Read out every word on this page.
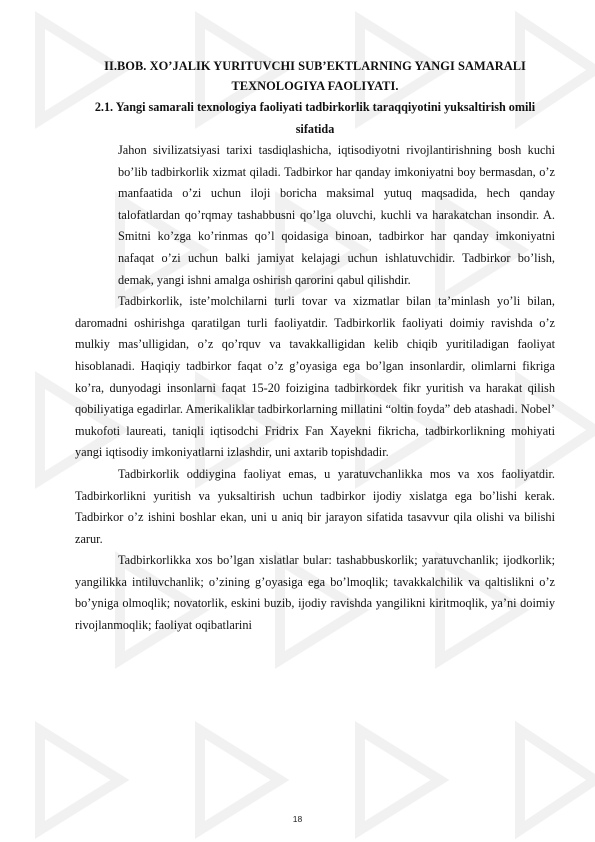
II.BOB. XO’JALIK YURITUVCHI SUB’EKTLARNING YANGI SAMARALI TEXNOLOGIYA FAOLIYATI.
2.1. Yangi samarali texnologiya faoliyati tadbirkorlik taraqqiyotini yuksaltirish omili sifatida

Jahon sivilizatsiyasi tarixi tasdiqlashicha, iqtisodiyotni rivojlantirishning bosh kuchi bo’lib tadbirkorlik xizmat qiladi. Tadbirkor har qanday imkoniyatni boy bermasdan, o’z manfaatida o’zi uchun iloji boricha maksimal yutuq maqsadida, hech qanday talofatlardan qo’rqmay tashabbusni qo’lga oluvchi, kuchli va harakatchan insondir. A. Smitni ko’zga ko’rinmas qo’l qoidasiga binoan, tadbirkor har qanday imkoniyatni nafaqat o’zi uchun balki jamiyat kelajagi uchun ishlatuvchidir. Tadbirkor bo’lish, demak, yangi ishni amalga oshirish qarorini qabul qilishdir.

Tadbirkorlik, iste’molchilarni turli tovar va xizmatlar bilan ta’minlash yo’li bilan, daromadni oshirishga qaratilgan turli faoliyatdir. Tadbirkorlik faoliyati doimiy ravishda o’z mulkiy mas’ulligidan, o’z qo’rquv va tavakkalligidan kelib chiqib yuritiladigan faoliyat hisoblanadi. Haqiqiy tadbirkor faqat o’z g’oyasiga ega bo’lgan insonlardir, olimlarni fikriga ko’ra, dunyodagi insonlarni faqat 15-20 foizigina tadbirkordek fikr yuritish va harakat qilish qobiliyatiga egadirlar. Amerikaliklar tadbirkorlarning millatini “oltin foyda” deb atashadi. Nobel’ mukofoti laureati, taniqli iqtisodchi Fridrix Fan Xayekni fikricha, tadbirkorlikning mohiyati yangi iqtisodiy imkoniyatlarni izlashdir, uni axtarib topishdadir.

Tadbirkorlik oddiygina faoliyat emas, u yaratuvchanlikka mos va xos faoliyatdir. Tadbirkorlikni yuritish va yuksaltirish uchun tadbirkor ijodiy xislatga ega bo’lishi kerak. Tadbirkor o’z ishini boshlar ekan, uni u aniq bir jarayon sifatida tasavvur qila olishi va bilishi zarur.

Tadbirkorlikka xos bo’lgan xislatlar bular: tashabbuskorlik; yaratuvchanlik; ijodkorlik; yangilikka intiluvchanlik; o’zining g’oyasiga ega bo’lmoqlik; tavakkalchilik va qaltislikni o’z bo’yniga olmoqlik; novatorlik, eskini buzib, ijodiy ravishda yangilikni kiritmoqlik, ya’ni doimiy rivojlanmoqlik; faoliyat oqibatlarini

18
